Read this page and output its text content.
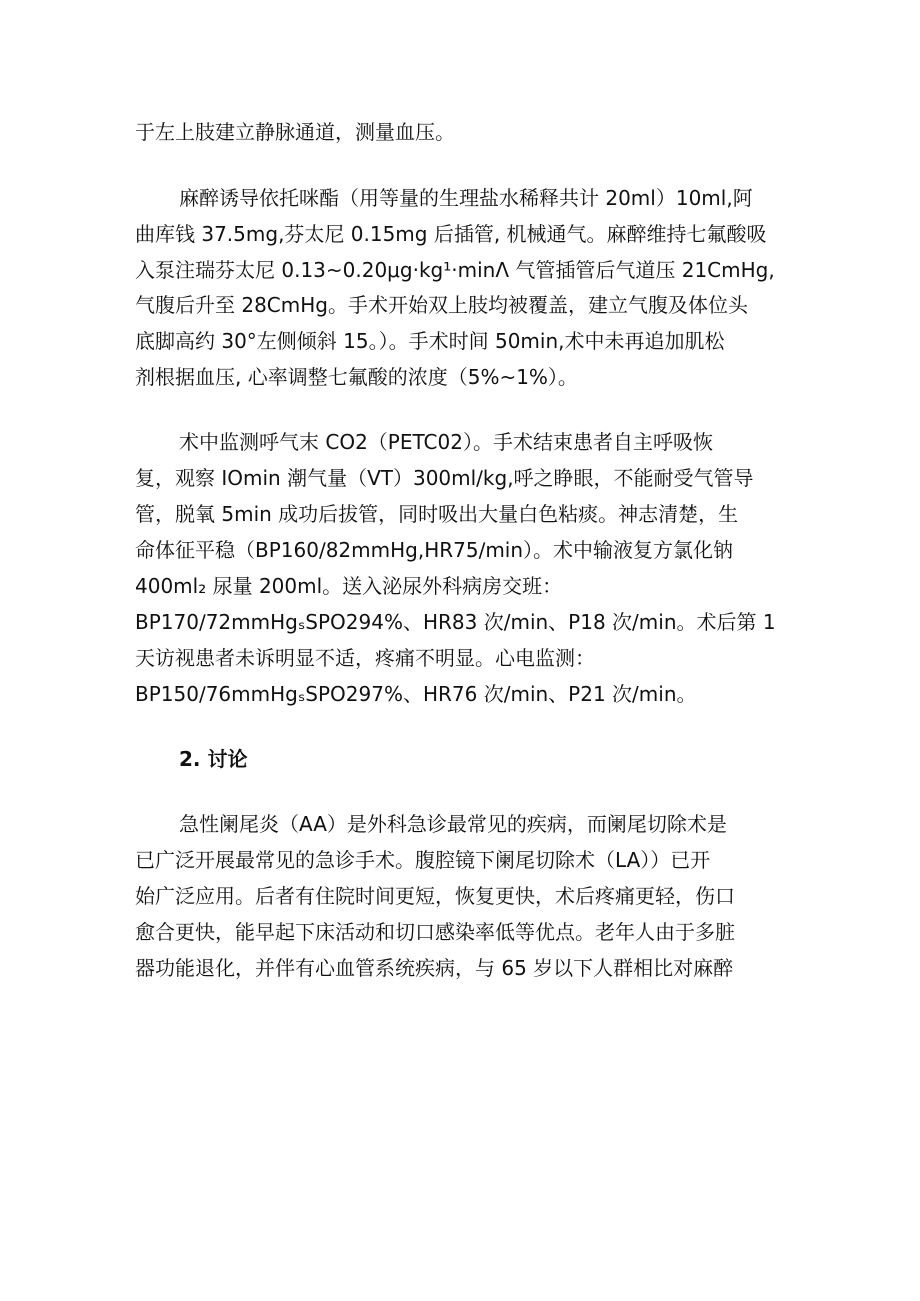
于左上肢建立静脉通道，测量血压。
麻醉诱导依托咪酯（用等量的生理盐水稀释共计 20ml）10ml,阿
曲库钱 37.5mg,芬太尼 0.15mg 后插管, 机械通气。麻醉维持七氟酸吸
入泵注瑞芬太尼 0.13~0.20μg·kg¹·minΛ 气管插管后气道压 21CmHg,
气腹后升至 28CmHg。手术开始双上肢均被覆盖，建立气腹及体位头
底脚高约 30°左侧倾斜 15。）。手术时间 50min,术中未再追加肌松
剂根据血压, 心率调整七氟酸的浓度（5%~1%）。
术中监测呼气末 CO2（PETC02）。手术结束患者自主呼吸恢
复，观察 IOmin 潮气量（VT）300ml∕kg,呼之睁眼，不能耐受气管导
管，脱氧 5min 成功后拔管，同时吸出大量白色粘痰。神志清楚，生
命体征平稳（BP160∕82mmHg,HR75∕min）。术中输液复方氯化钠
400ml₂ 尿量 200ml。送入泌尿外科病房交班：
BP170∕72mmHgₛSPO294%、HR83 次/min、P18 次/min。术后第 1
天访视患者未诉明显不适，疼痛不明显。心电监测：
BP150∕76mmHgₛSPO297%、HR76 次/min、P21 次/min。
2. 讨论
急性阑尾炎（AA）是外科急诊最常见的疾病，而阑尾切除术是
已广泛开展最常见的急诊手术。腹腔镜下阑尾切除术（LA））已开
始广泛应用。后者有住院时间更短，恢复更快，术后疼痛更轻，伤口
愈合更快，能早起下床活动和切口感染率低等优点。老年人由于多脏
器功能退化，并伴有心血管系统疾病，与 65 岁以下人群相比对麻醉
